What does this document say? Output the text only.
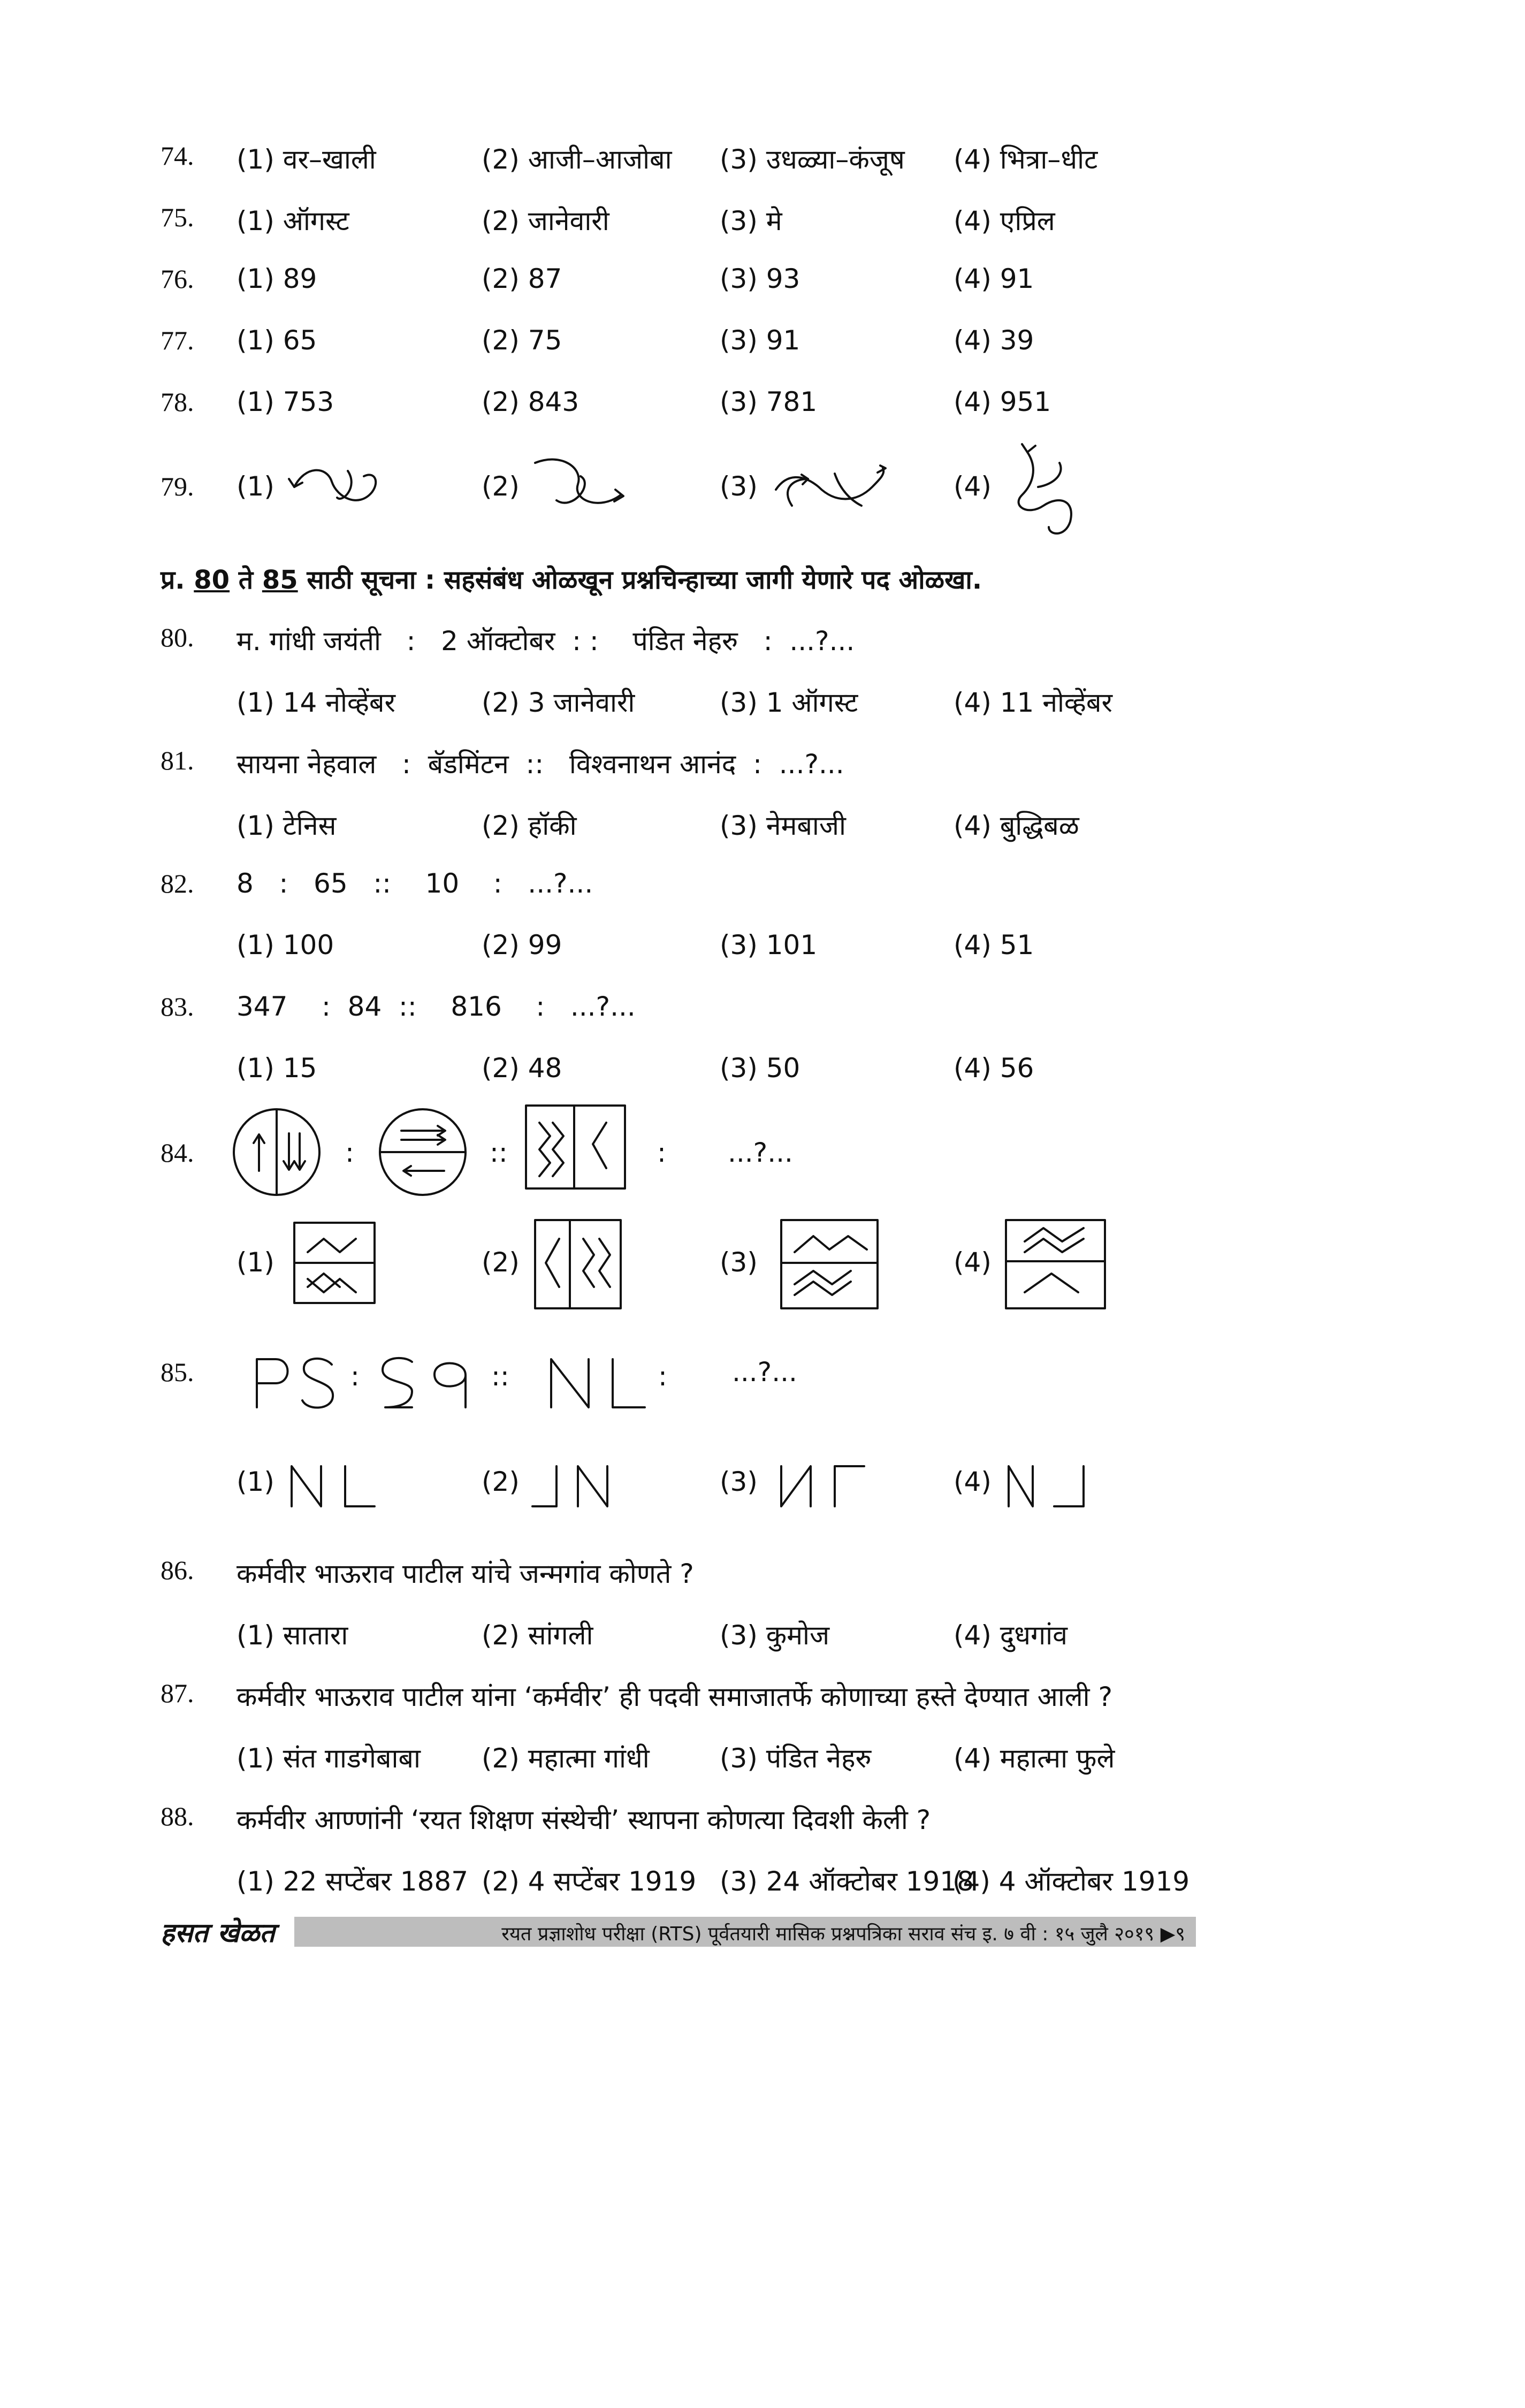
74. (1) वर–खाली	(2) आजी–आजोबा (3) उधळ्या–कंजूष (4) भित्रा–धीट
75. (1) ऑगस्ट	(2) जानेवारी	(3) मे	(4) एप्रिल
76. (1) 89	(2) 87	(3) 93	(4) 91
77. (1) 65	(2) 75	(3) 91	(4) 39
78. (1) 753	(2) 843	(3) 781	(4) 951
79. (1)	(2)	(3)	(4)
प्र. 80 ते 85 साठी सूचना : सहसंबंध ओळखून प्रश्नचिन्हाच्या जागी येणारे पद ओळखा.
80. म. गांधी जयंती   :   2 ऑक्टोबर  : :    पंडित नेहरु   :  ...?...
(1) 14 नोव्हेंबर	(2) 3 जानेवारी	(3) 1 ऑगस्ट	(4) 11 नोव्हेंबर
81. सायना नेहवाल   :  बॅडमिंटन  ::   विश्वनाथन आनंद  :  ...?...
(1) टेनिस	(2) हॉकी	(3) नेमबाजी	(4) बुद्धिबळ
82. 8   :   65   ::    10    :   ...?...
(1) 100	(2) 99	(3) 101	(4) 51
83. 347    :  84  ::    816    :   ...?...
(1) 15	(2) 48	(3) 50	(4) 56
84.	:	::	: ...?...
(1)	(2)	(3)	(4)
85.	:	::	: ...?...
(1)	(2)	(3)	(4)
86. कर्मवीर भाऊराव पाटील यांचे जन्मगांव कोणते ?
(1) सातारा	(2) सांगली	(3) कुमोज	(4) दुधगांव
87. कर्मवीर भाऊराव पाटील यांना ‘कर्मवीर’ ही पदवी समाजातर्फे कोणाच्या हस्ते देण्यात आली ?
(1) संत गाडगेबाबा (2) महात्मा गांधी	(3) पंडित नेहरु	(4) महात्मा फुले
88. कर्मवीर आण्णांनी ‘रयत शिक्षण संस्थेची’ स्थापना कोणत्या दिवशी केली ?
(1) 22 सप्टेंबर 1887 (2) 4 सप्टेंबर 1919 (3) 24 ऑक्टोबर 1918
(4) 4 ऑक्टोबर 1919
हसत खेळत	रयत प्रज्ञाशोध परीक्षा (RTS) पूर्वतयारी मासिक प्रश्नपत्रिका सराव संच इ. ७ वी : १५ जुलै २०१९ ▶९
